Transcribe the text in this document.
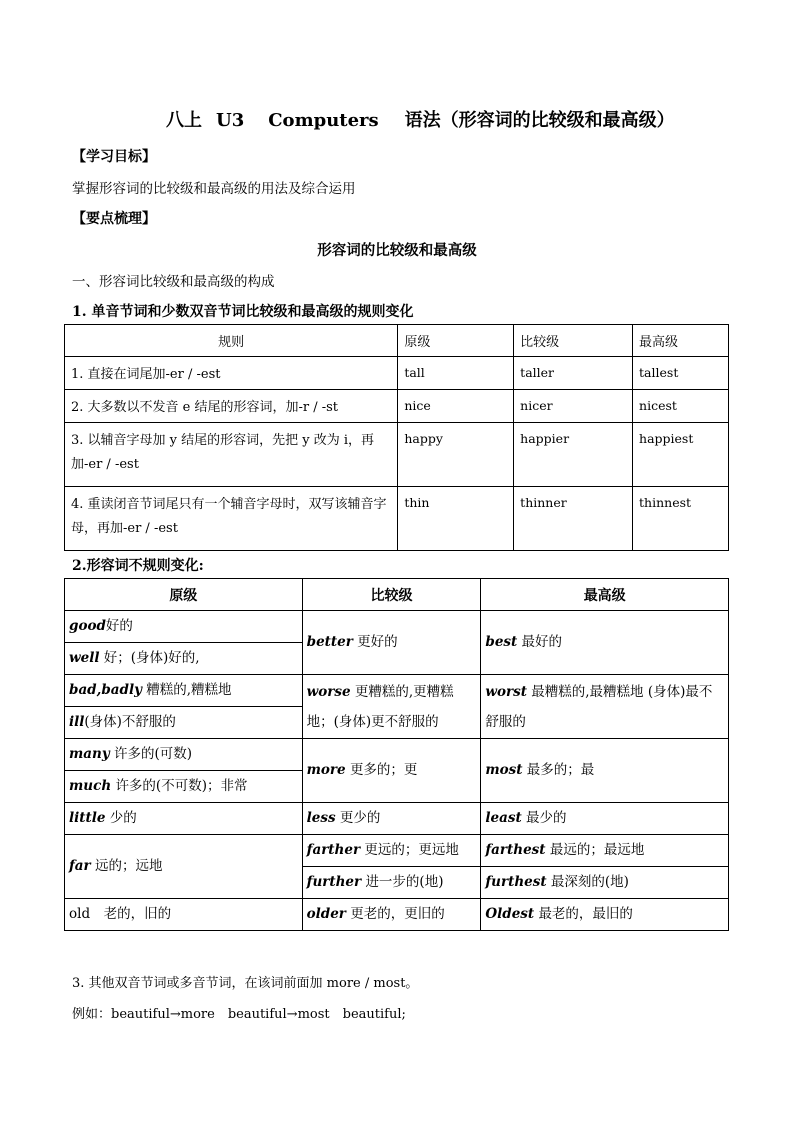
八上 U3 Computers 语法（形容词的比较级和最高级）
【学习目标】
掌握形容词的比较级和最高级的用法及综合运用
【要点梳理】
形容词的比较级和最高级
一、形容词比较级和最高级的构成
1. 单音节词和少数双音节词比较级和最高级的规则变化
规则	原级	比较级	最高级
1. 直接在词尾加-er / -est	tall	taller	tallest
2. 大多数以不发音 e 结尾的形容词，加-r / -st	nice	nicer	nicest
3. 以辅音字母加 y 结尾的形容词，先把 y 改为 i，再加-er / -est	happy	happier	happiest
4. 重读闭音节词尾只有一个辅音字母时，双写该辅音字母，再加-er / -est	thin	thinner	thinnest
2.形容词不规则变化:
原级	比较级	最高级
good好的	better 更好的	best 最好的
well 好；(身体)好的,		
bad,badly 糟糕的,糟糕地	worse 更糟糕的,更糟糕地；(身体)更不舒服的	worst 最糟糕的,最糟糕地 (身体)最不舒服的
ill(身体)不舒服的		
many 许多的(可数)	more 更多的；更	most 最多的；最
much 许多的(不可数)；非常		
little 少的	less 更少的	least 最少的
far 远的；远地	farther 更远的；更远地	farthest 最远的；最远地
	further 进一步的(地)	furthest 最深刻的(地)
old　 老的，旧的	older 更老的，更旧的	Oldest 最老的，最旧的
3. 其他双音节词或多音节词，在该词前面加 more / most。
例如：beautiful→more　beautiful→most　beautiful;
